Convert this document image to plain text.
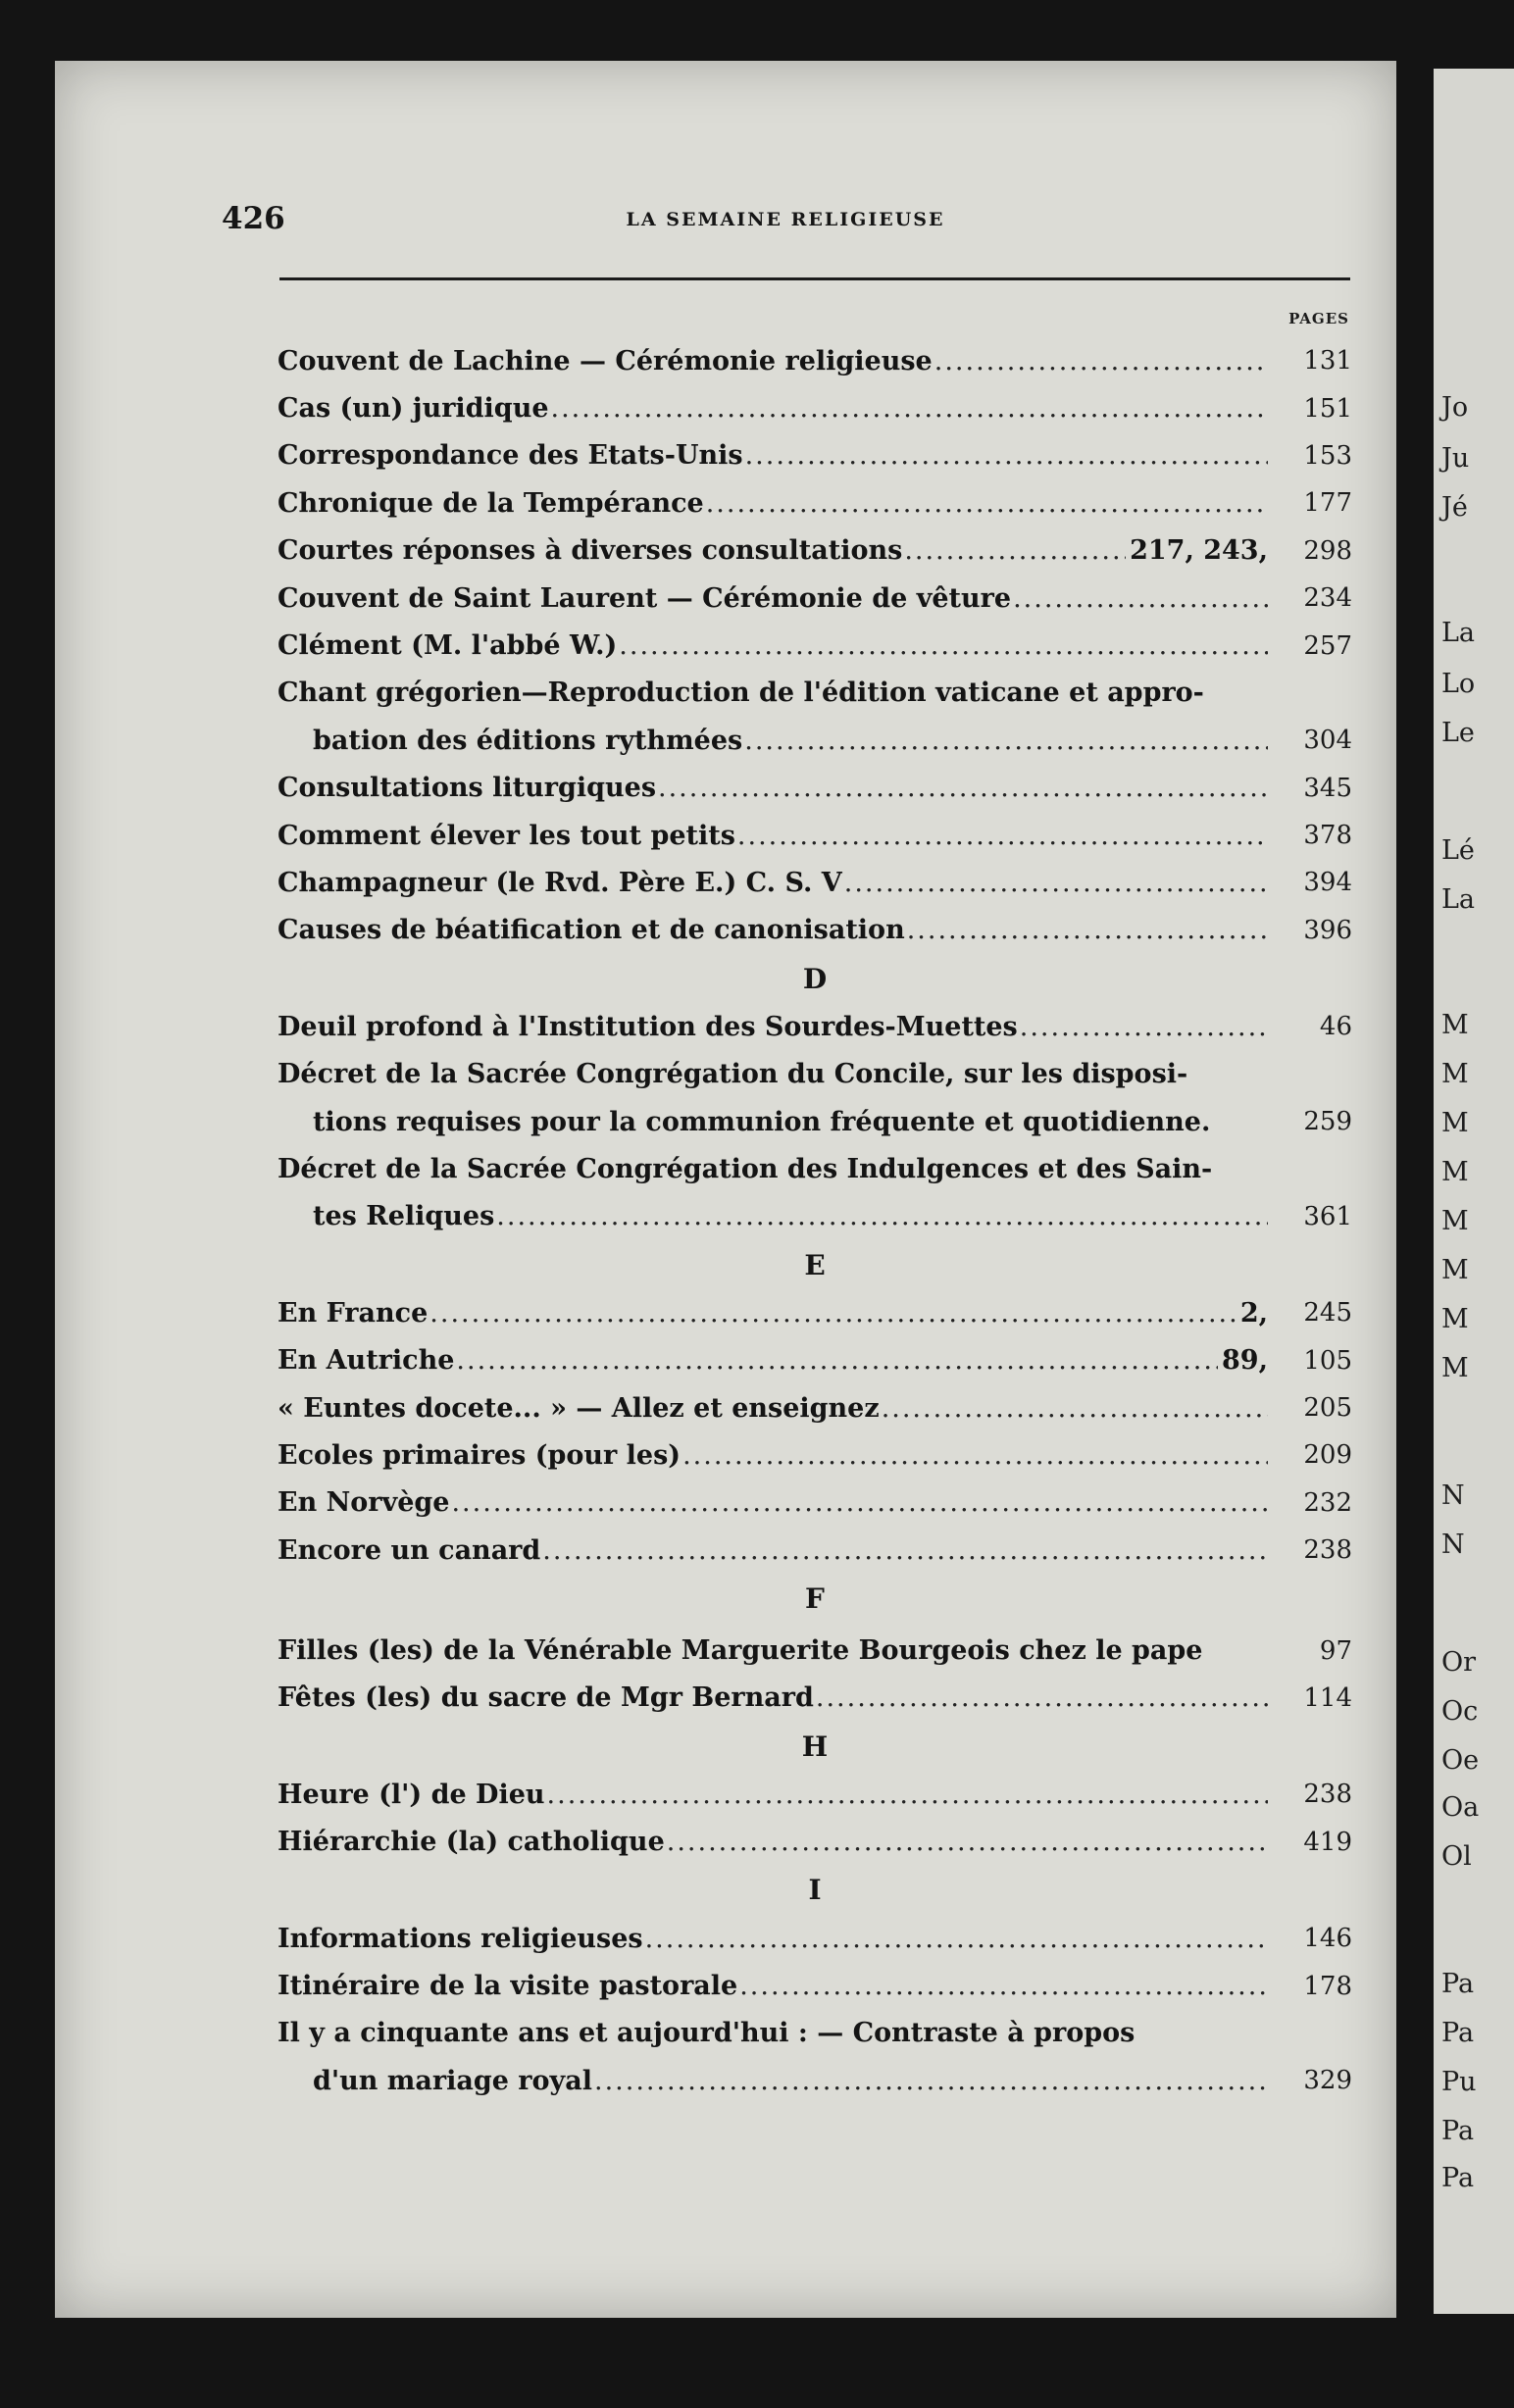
426	LA SEMAINE RELIGIEUSE
PAGES
Couvent de Lachine — Cérémonie religieuse .....	131
Cas (un) juridique .....	151
Correspondance des Etats-Unis .....	153
Chronique de la Tempérance .....	177
Courtes réponses à diverses consultations .....	217, 243,	298
Couvent de Saint Laurent — Cérémonie de vêture .....	234
Clément (M. l'abbé W.) .....	257
Chant grégorien—Reproduction de l'édition vaticane et appro-
bation des éditions rythmées .....	304
Consultations liturgiques .....	345
Comment élever les tout petits .....	378
Champagneur (le Rvd. Père E.) C. S. V .....	394
Causes de béatification et de canonisation .....	396
D
Deuil profond à l'Institution des Sourdes-Muettes .....	46
Décret de la Sacrée Congrégation du Concile, sur les disposi-
tions requises pour la communion fréquente et quotidienne.	259
Décret de la Sacrée Congrégation des Indulgences et des Sain-
tes Reliques .....	361
E
En France .....	2,	245
En Autriche .....	89,	105
« Euntes docete... » — Allez et enseignez .....	205
Ecoles primaires (pour les) .....	209
En Norvège .....	232
Encore un canard .....	238
F
Filles (les) de la Vénérable Marguerite Bourgeois chez le pape	97
Fêtes (les) du sacre de Mgr Bernard .....	114
H
Heure (l') de Dieu .....	238
Hiérarchie (la) catholique .....	419
I
Informations religieuses .....	146
Itinéraire de la visite pastorale .....	178
Il y a cinquante ans et aujourd'hui : — Contraste à propos
d'un mariage royal .....	329
Jo
Ju
Jé
La
Lo
Le
Lé
La
M
M
M
M
M
M
M
M
N
N
Or
Oc
Oe
Oa
Ol
Pa
Pa
Pu
Pa
Pa
